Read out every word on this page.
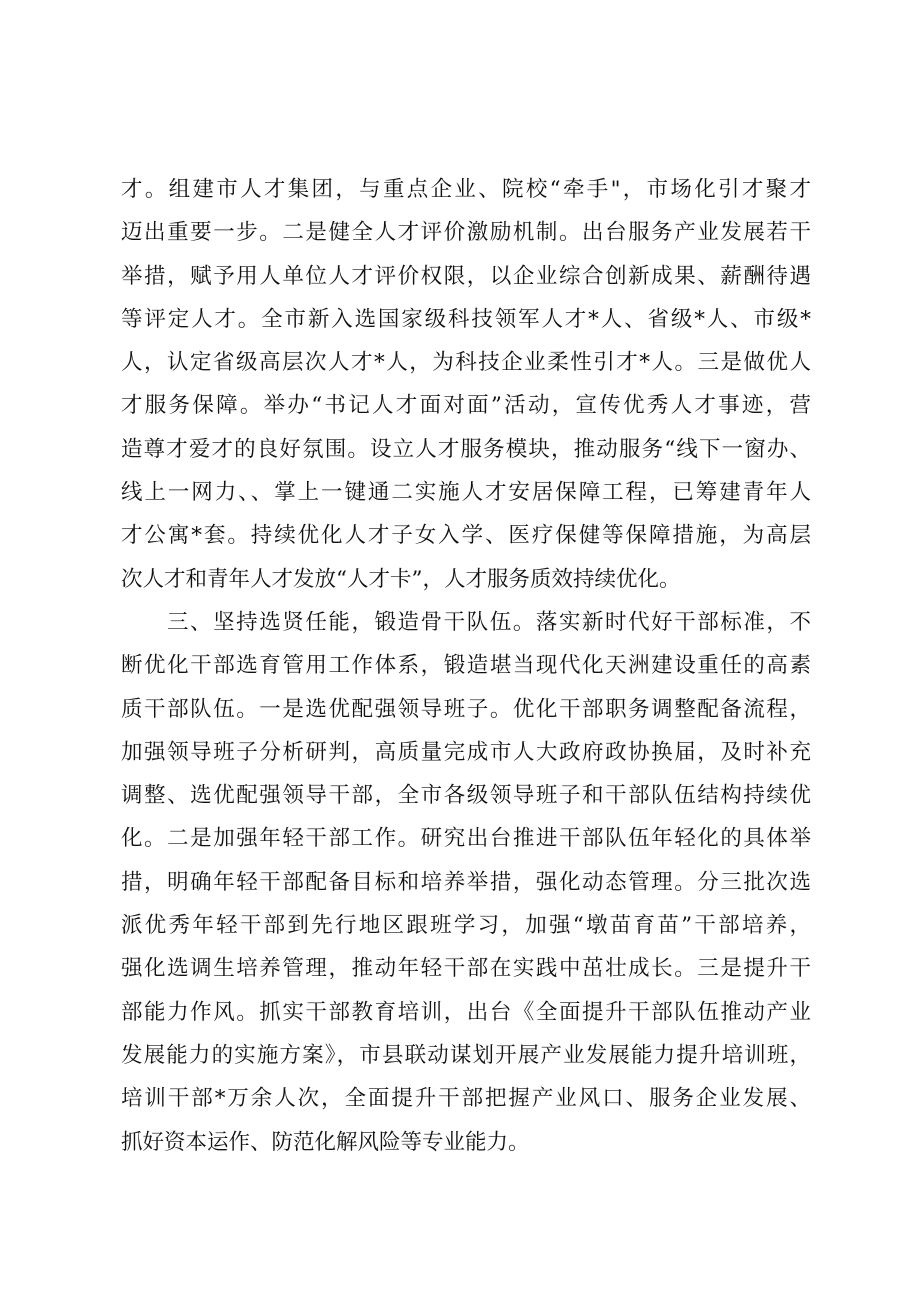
才。组建市人才集团，与重点企业、院校“牵手"，市场化引才聚才
迈出重要一步。二是健全人才评价激励机制。出台服务产业发展若干
举措，赋予用人单位人才评价权限，以企业综合创新成果、薪酬待遇
等评定人才。全市新入选国家级科技领军人才*人、省级*人、市级*
人，认定省级高层次人才*人，为科技企业柔性引才*人。三是做优人
才服务保障。举办“书记人才面对面”活动，宣传优秀人才事迹，营
造尊才爱才的良好氛围。设立人才服务模块，推动服务“线下一窗办、
线上一网力、、掌上一键通二实施人才安居保障工程，已筹建青年人
才公寓*套。持续优化人才子女入学、医疗保健等保障措施，为高层
次人才和青年人才发放“人才卡”，人才服务质效持续优化。
三、坚持选贤任能，锻造骨干队伍。落实新时代好干部标准，不
断优化干部选育管用工作体系，锻造堪当现代化天洲建设重任的高素
质干部队伍。一是选优配强领导班子。优化干部职务调整配备流程，
加强领导班子分析研判，高质量完成市人大政府政协换届，及时补充
调整、选优配强领导干部，全市各级领导班子和干部队伍结构持续优
化。二是加强年轻干部工作。研究出台推进干部队伍年轻化的具体举
措，明确年轻干部配备目标和培养举措，强化动态管理。分三批次选
派优秀年轻干部到先行地区跟班学习，加强“墩苗育苗”干部培养，
强化选调生培养管理，推动年轻干部在实践中茁壮成长。三是提升干
部能力作风。抓实干部教育培训，出台《全面提升干部队伍推动产业
发展能力的实施方案》，市县联动谋划开展产业发展能力提升培训班，
培训干部*万余人次，全面提升干部把握产业风口、服务企业发展、
抓好资本运作、防范化解风险等专业能力。
